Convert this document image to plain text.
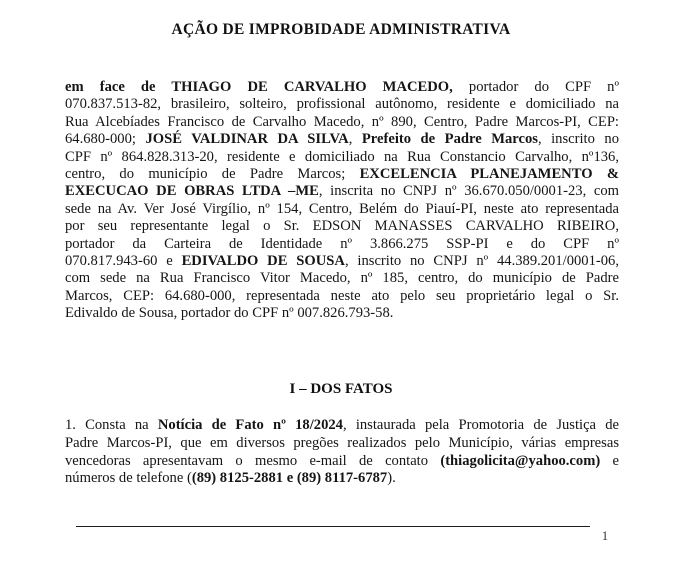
AÇÃO DE IMPROBIDADE ADMINISTRATIVA
em face de THIAGO DE CARVALHO MACEDO, portador do CPF nº
070.837.513-82, brasileiro, solteiro, profissional autônomo, residente e domiciliado na
Rua Alcebíades Francisco de Carvalho Macedo, nº 890, Centro, Padre Marcos-PI, CEP:
64.680-000; JOSÉ VALDINAR DA SILVA, Prefeito de Padre Marcos, inscrito no
CPF nº 864.828.313-20, residente e domiciliado na Rua Constancio Carvalho, nº136,
centro, do município de Padre Marcos; EXCELENCIA PLANEJAMENTO &
EXECUCAO DE OBRAS LTDA –ME, inscrita no CNPJ nº 36.670.050/0001-23, com
sede na Av. Ver José Virgílio, nº 154, Centro, Belém do Piauí-PI, neste ato representada
por seu representante legal o Sr. EDSON MANASSES CARVALHO RIBEIRO,
portador da Carteira de Identidade nº 3.866.275 SSP-PI e do CPF nº
070.817.943-60 e EDIVALDO DE SOUSA, inscrito no CNPJ nº 44.389.201/0001-06,
com sede na Rua Francisco Vitor Macedo, nº 185, centro, do município de Padre
Marcos, CEP: 64.680-000, representada neste ato pelo seu proprietário legal o Sr.
Edivaldo de Sousa, portador do CPF nº 007.826.793-58.
I – DOS FATOS
1. Consta na Notícia de Fato nº 18/2024, instaurada pela Promotoria de Justiça de
Padre Marcos-PI, que em diversos pregões realizados pelo Município, várias empresas
vencedoras apresentavam o mesmo e-mail de contato (thiagolicita@yahoo.com) e
números de telefone ((89) 8125-2881 e (89) 8117-6787).
1
